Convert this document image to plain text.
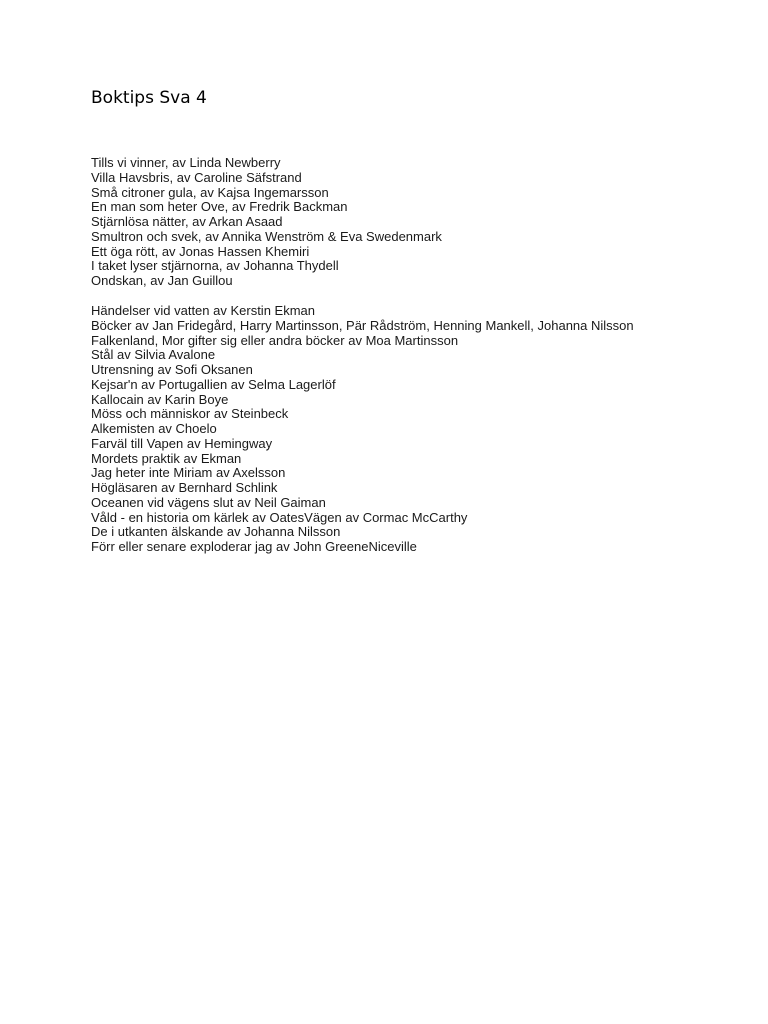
Boktips Sva 4
Tills vi vinner, av Linda Newberry
Villa Havsbris, av Caroline Säfstrand
Små citroner gula, av Kajsa Ingemarsson
En man som heter Ove, av Fredrik Backman
Stjärnlösa nätter, av Arkan Asaad
Smultron och svek, av Annika Wenström & Eva Swedenmark
Ett öga rött, av Jonas Hassen Khemiri
I taket lyser stjärnorna, av Johanna Thydell
Ondskan, av Jan Guillou
Händelser vid vatten av Kerstin Ekman
Böcker av Jan Fridegård, Harry Martinsson, Pär Rådström, Henning Mankell, Johanna Nilsson
Falkenland, Mor gifter sig eller andra böcker av Moa Martinsson
Stål av Silvia Avalone
Utrensning av Sofi Oksanen
Kejsar'n av Portugallien av Selma Lagerlöf
Kallocain av Karin Boye
Möss och människor av Steinbeck
Alkemisten av Choelo
Farväl till Vapen av Hemingway
Mordets praktik av Ekman
Jag heter inte Miriam av Axelsson
Högläsaren av Bernhard Schlink
Oceanen vid vägens slut av Neil Gaiman
Våld - en historia om kärlek av OatesVägen av Cormac McCarthy
De i utkanten älskande av Johanna Nilsson
Förr eller senare exploderar jag av John GreeneNiceville
